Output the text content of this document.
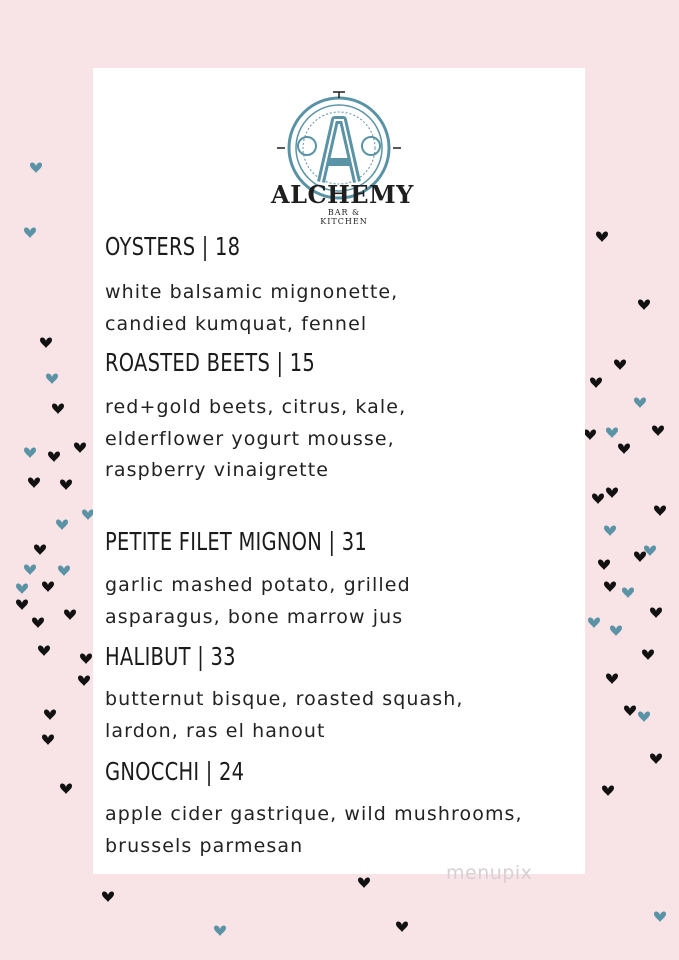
ALCHEMY
BAR & KITCHEN
OYSTERS | 18

white balsamic mignonette,

candied kumquat, fennel

ROASTED BEETS | 15

red+gold beets, citrus, kale,

elderflower yogurt mousse,

raspberry vinaigrette

PETITE FILET MIGNON | 31

garlic mashed potato, grilled

asparagus, bone marrow jus

HALIBUT | 33

butternut bisque, roasted squash,

lardon, ras el hanout

GNOCCHI | 24

apple cider gastrique, wild mushrooms,

brussels parmesan

menupix
